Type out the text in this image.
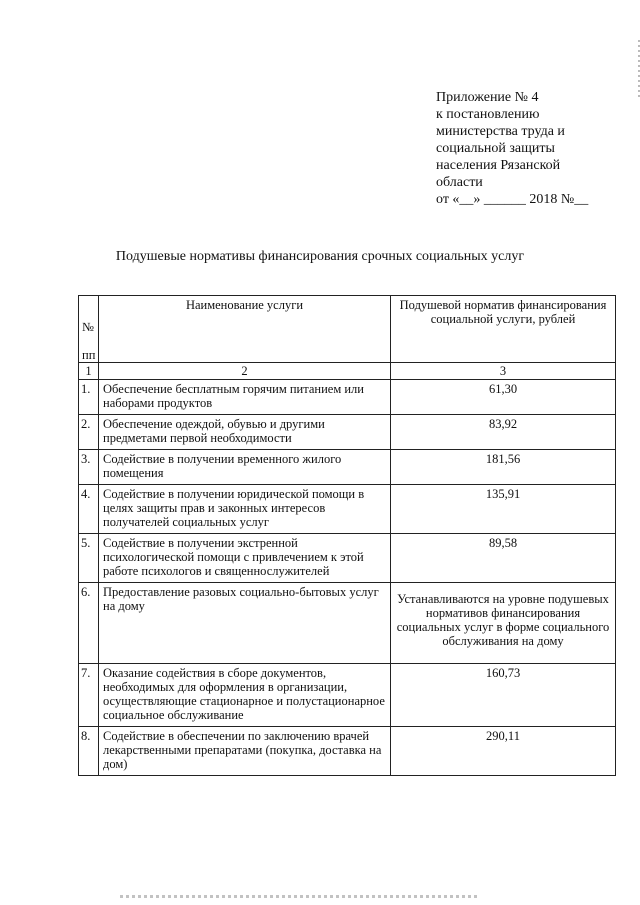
Приложение № 4
к постановлению
министерства труда и
социальной защиты
населения Рязанской
области
от «__» ______ 2018 №__
Подушевые нормативы финансирования срочных социальных услуг
№
пп	Наименование услуги	Подушевой норматив финансирования социальной услуги, рублей
1	2	3
1.	Обеспечение бесплатным горячим питанием или наборами продуктов	61,30
2.	Обеспечение одеждой, обувью и другими предметами первой необходимости	83,92
3.	Содействие в получении временного жилого помещения	181,56
4.	Содействие в получении юридической помощи в целях защиты прав и законных интересов получателей социальных услуг	135,91
5.	Содействие в получении экстренной психологической помощи с привлечением к этой работе психологов и священнослужителей	89,58
6.	Предоставление разовых социально-бытовых услуг на дому	Устанавливаются на уровне подушевых нормативов финансирования социальных услуг в форме социального обслуживания на дому
7.	Оказание содействия в сборе документов, необходимых для оформления в организации, осуществляющие стационарное и полустационарное социальное обслуживание	160,73
8.	Содействие в обеспечении по заключению врачей лекарственными препаратами (покупка, доставка на дом)	290,11
